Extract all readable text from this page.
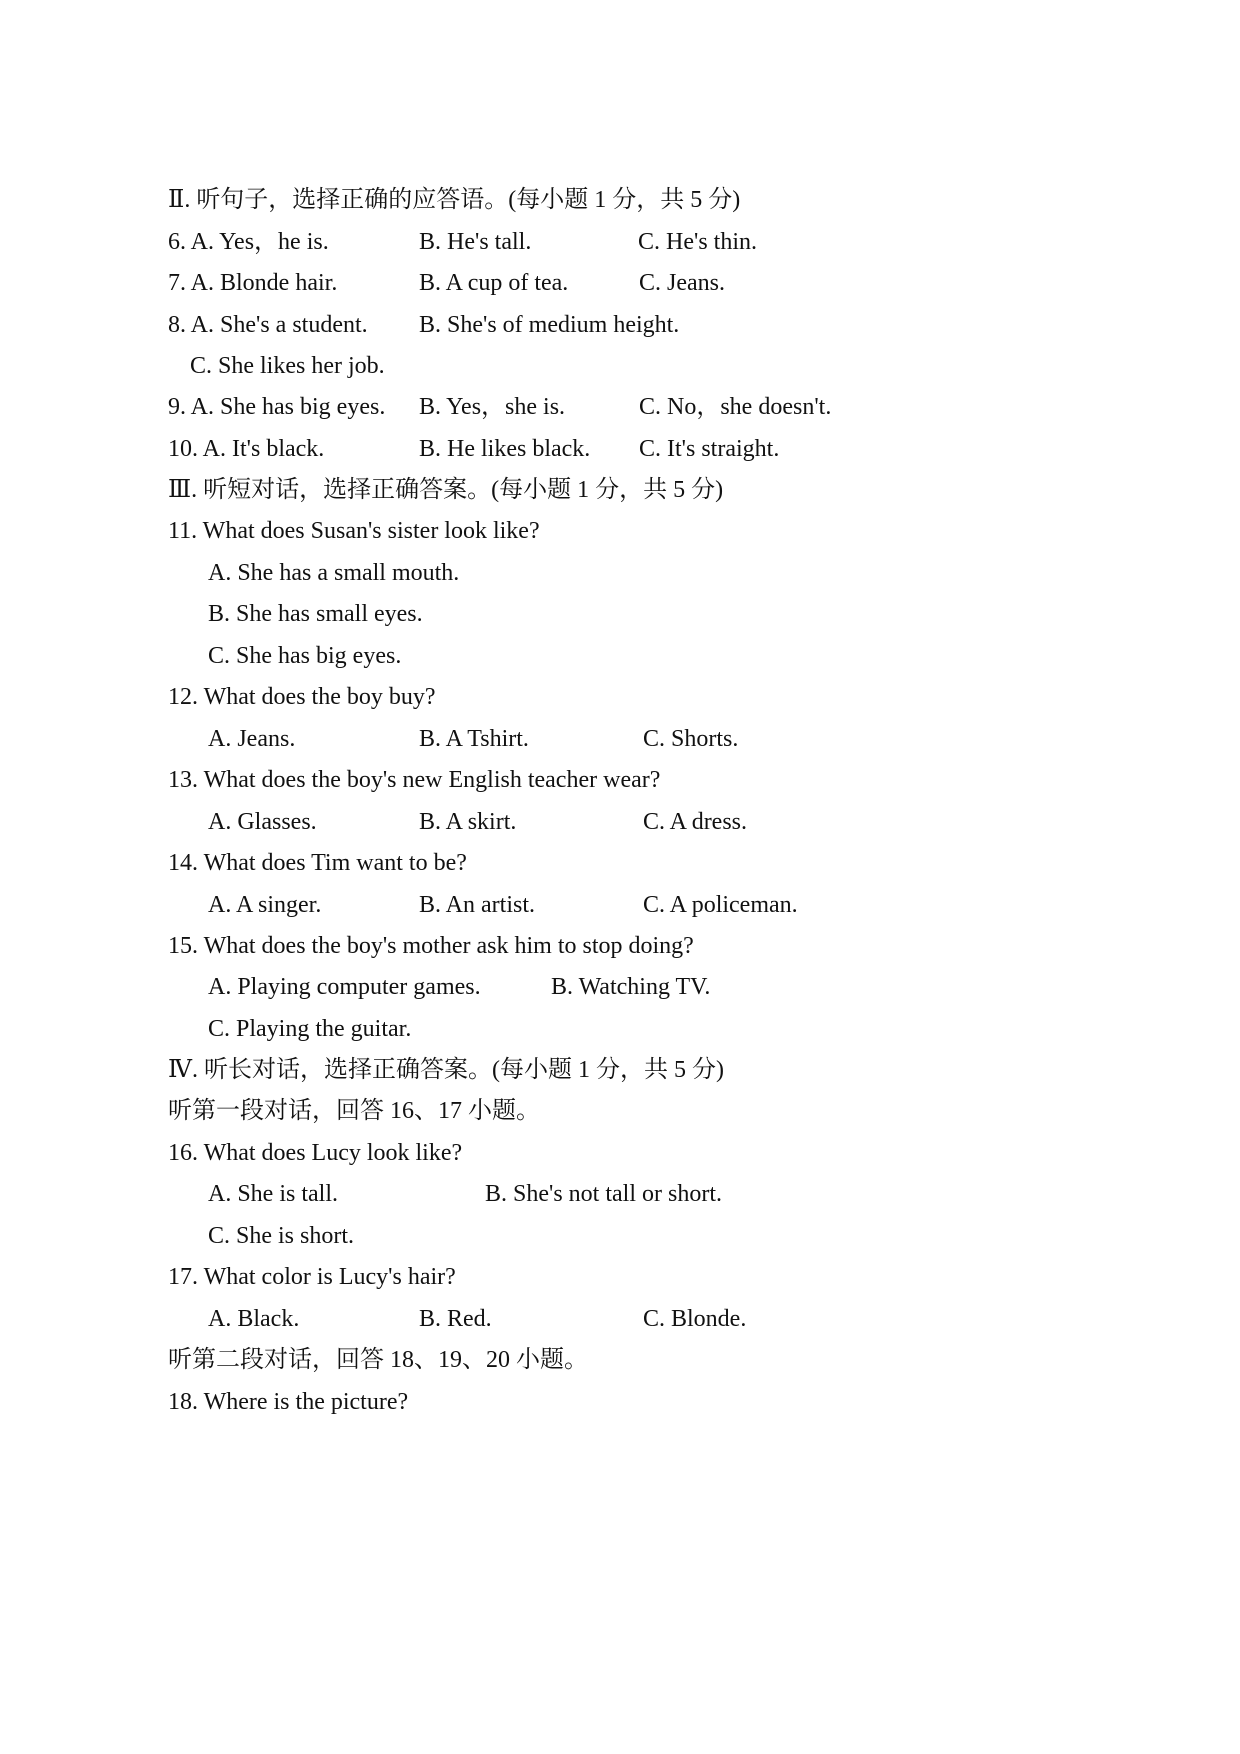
Ⅱ. 听句子，选择正确的应答语。(每小题 1 分，共 5 分)
6. A. Yes，he is.	B. He's tall.	C. He's thin.
7. A. Blonde hair.	B. A cup of tea.	C. Jeans.
8. A. She's a student. B. She's of medium height.
C. She likes her job.
9. A. She has big eyes. B. Yes，she is.	C. No，she doesn't.
10. A. It's black.	B. He likes black. C. It's straight.
Ⅲ. 听短对话，选择正确答案。(每小题 1 分，共 5 分)
11. What does Susan's sister look like?
A. She has a small mouth.
B. She has small eyes.
C. She has big eyes.
12. What does the boy buy?
A. Jeans.	B. A Tshirt.	C. Shorts.
13. What does the boy's new English teacher wear?
A. Glasses.	B. A skirt.	C. A dress.
14. What does Tim want to be?
A. A singer.	B. An artist.	C. A policeman.
15. What does the boy's mother ask him to stop doing?
A. Playing computer games.	B. Watching TV.
C. Playing the guitar.
Ⅳ. 听长对话，选择正确答案。(每小题 1 分，共 5 分)
听第一段对话，回答 16、17 小题。
16. What does Lucy look like?
A. She is tall.	B. She's not tall or short.
C. She is short.
17. What color is Lucy's hair?
A. Black.	B. Red.	C. Blonde.
听第二段对话，回答 18、19、20 小题。
18. Where is the picture?
